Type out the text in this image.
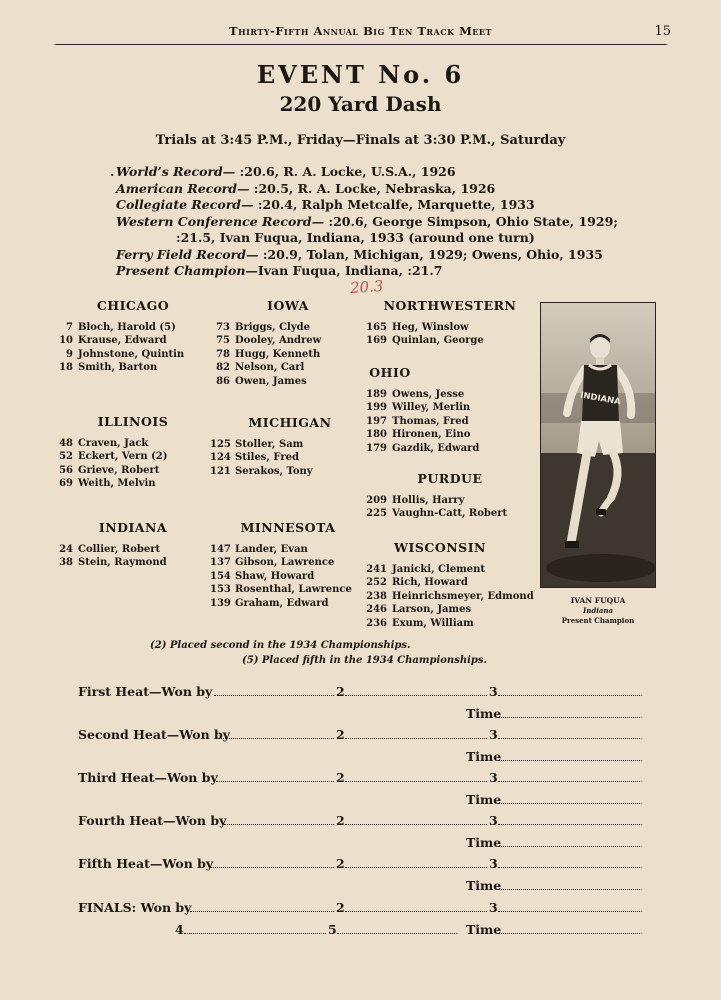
Thirty-Fifth Annual Big Ten Track Meet	15
EVENT No. 6
220 Yard Dash
Trials at 3:45 P.M., Friday—Finals at 3:30 P.M., Saturday
. World’s Record— :20.6, R. A. Locke, U.S.A., 1926
American Record— :20.5, R. A. Locke, Nebraska, 1926
Collegiate Record— :20.4, Ralph Metcalfe, Marquette, 1933
Western Conference Record— :20.6, George Simpson, Ohio State, 1929;
:21.5, Ivan Fuqua, Indiana, 1933 (around one turn)
Ferry Field Record— :20.9, Tolan, Michigan, 1929; Owens, Ohio, 1935
Present Champion—Ivan Fuqua, Indiana, :21.7
20.3
CHICAGO
7 Bloch, Harold (5)
10 Krause, Edward
9 Johnstone, Quintin
18 Smith, Barton
ILLINOIS
48 Craven, Jack
52 Eckert, Vern (2)
56 Grieve, Robert
69 Weith, Melvin
INDIANA
24 Collier, Robert
38 Stein, Raymond
IOWA
73 Briggs, Clyde
75 Dooley, Andrew
78 Hugg, Kenneth
82 Nelson, Carl
86 Owen, James
MICHIGAN
125 Stoller, Sam
124 Stiles, Fred
121 Serakos, Tony
MINNESOTA
147 Lander, Evan
137 Gibson, Lawrence
154 Shaw, Howard
153 Rosenthal, Lawrence
139 Graham, Edward
NORTHWESTERN
165 Heg, Winslow
169 Quinlan, George
OHIO
189 Owens, Jesse
199 Willey, Merlin
197 Thomas, Fred
180 Hironen, Eino
179 Gazdik, Edward
PURDUE
209 Hollis, Harry
225 Vaughn-Catt, Robert
WISCONSIN
241 Janicki, Clement
252 Rich, Howard
238 Heinrichsmeyer, Edmond
246 Larson, James
236 Exum, William
INDIANA
IVAN FUQUA
Indiana
Present Champion
(2) Placed second in the 1934 Championships.
(5) Placed fifth in the 1934 Championships.
First Heat—Won by	2	3
Time
Second Heat—Won by	2	3
Time
Third Heat—Won by	2	3
Time
Fourth Heat—Won by	2	3
Time
Fifth Heat—Won by	2	3
Time
FINALS: Won by	2	3
Time
4	5
